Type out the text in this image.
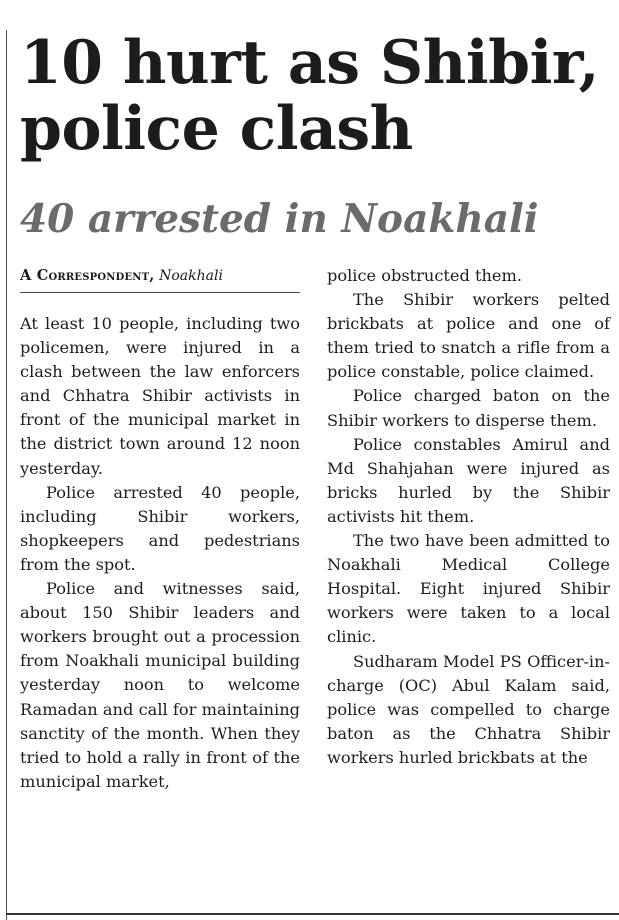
10 hurt as Shibir, police clash
40 arrested in Noakhali
A Correspondent, Noakhali

At least 10 people, including two policemen, were injured in a clash between the law enforcers and Chhatra Shibir activists in front of the municipal market in the district town around 12 noon yesterday.

Police arrested 40 people, including Shibir workers, shopkeepers and pedestrians from the spot.

Police and witnesses said, about 150 Shibir leaders and workers brought out a procession from Noakhali municipal building yesterday noon to welcome Ramadan and call for maintaining sanctity of the month. When they tried to hold a rally in front of the municipal market,

police obstructed them.

The Shibir workers pelted brickbats at police and one of them tried to snatch a rifle from a police constable, police claimed.

Police charged baton on the Shibir workers to disperse them.

Police constables Amirul and Md Shahjahan were injured as bricks hurled by the Shibir activists hit them.

The two have been admitted to Noakhali Medical College Hospital. Eight injured Shibir workers were taken to a local clinic.

Sudharam Model PS Officer-in-charge (OC) Abul Kalam said, police was compelled to charge baton as the Chhatra Shibir workers hurled brickbats at the
